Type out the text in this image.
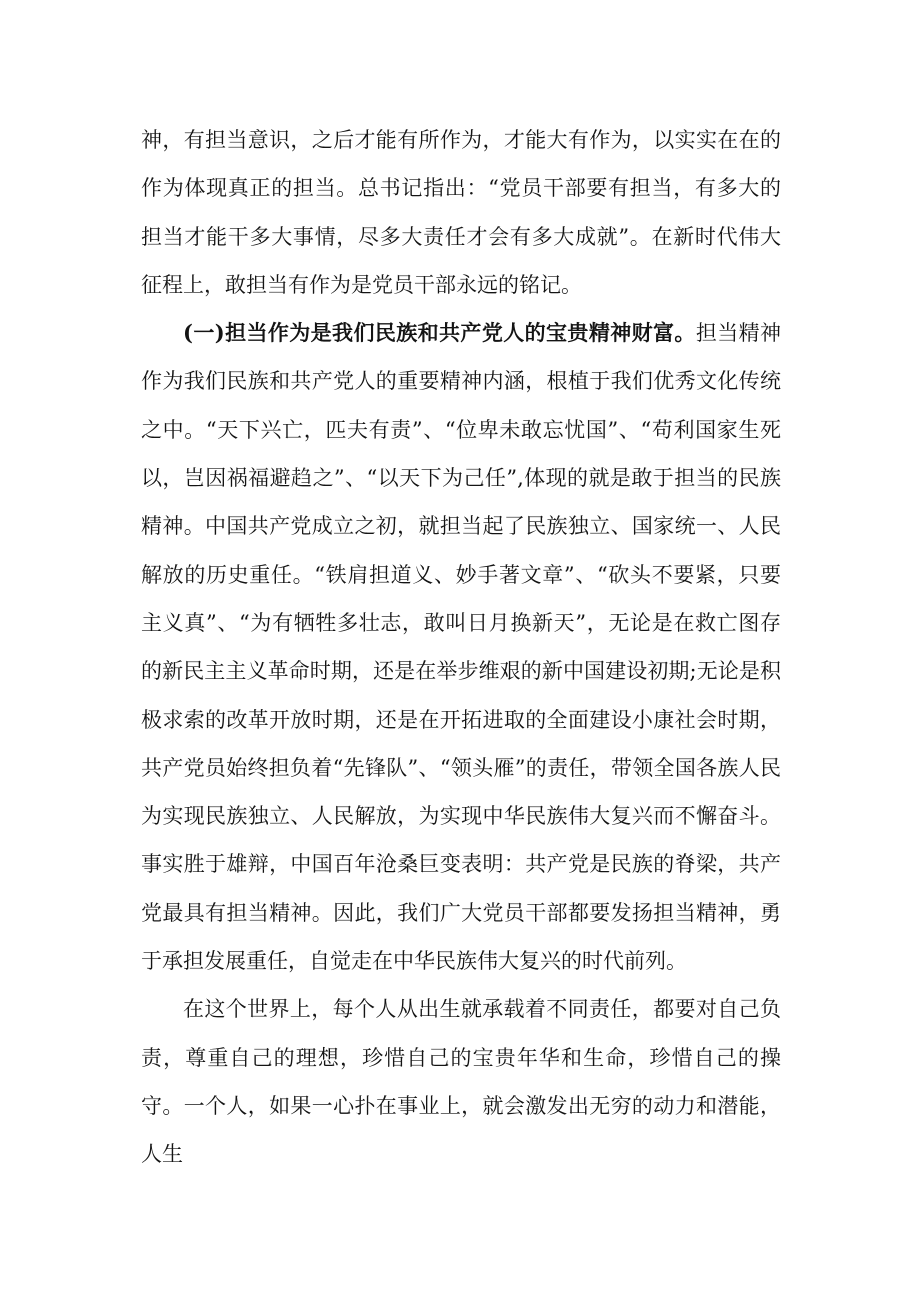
神，有担当意识，之后才能有所作为，才能大有作为，以实实在在的作为体现真正的担当。总书记指出：“党员干部要有担当，有多大的担当才能干多大事情，尽多大责任才会有多大成就”。在新时代伟大征程上，敢担当有作为是党员干部永远的铭记。

(一)担当作为是我们民族和共产党人的宝贵精神财富。担当精神作为我们民族和共产党人的重要精神内涵，根植于我们优秀文化传统之中。“天下兴亡，匹夫有责”、“位卑未敢忘忧国”、“苟利国家生死以，岂因祸福避趋之”、“以天下为己任”,体现的就是敢于担当的民族精神。中国共产党成立之初，就担当起了民族独立、国家统一、人民解放的历史重任。“铁肩担道义、妙手著文章”、“砍头不要紧，只要主义真”、“为有牺牲多壮志，敢叫日月换新天”，无论是在救亡图存的新民主主义革命时期，还是在举步维艰的新中国建设初期;无论是积极求索的改革开放时期，还是在开拓进取的全面建设小康社会时期，共产党员始终担负着“先锋队”、“领头雁”的责任，带领全国各族人民为实现民族独立、人民解放，为实现中华民族伟大复兴而不懈奋斗。事实胜于雄辩，中国百年沧桑巨变表明：共产党是民族的脊梁，共产党最具有担当精神。因此，我们广大党员干部都要发扬担当精神，勇于承担发展重任，自觉走在中华民族伟大复兴的时代前列。

在这个世界上，每个人从出生就承载着不同责任，都要对自己负责，尊重自己的理想，珍惜自己的宝贵年华和生命，珍惜自己的操守。一个人，如果一心扑在事业上，就会激发出无穷的动力和潜能，人生
